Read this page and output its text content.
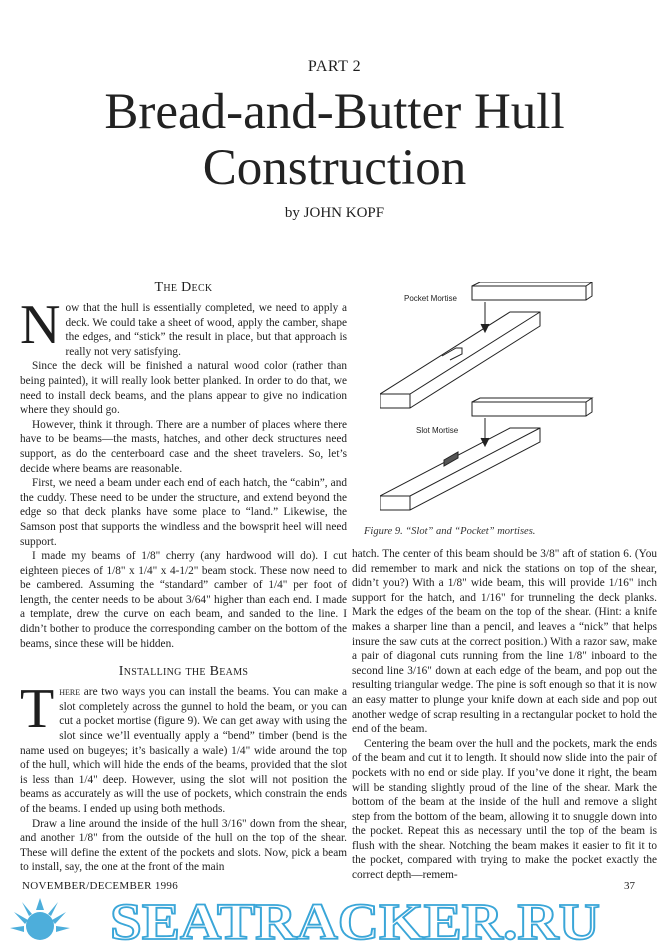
PART 2
Bread-and-Butter Hull
Construction
by JOHN KOPF
The Deck

Now that the hull is essentially completed, we need to apply a deck. We could take a sheet of wood, apply the camber, shape the edges, and “stick” the result in place, but that approach is really not very satisfying.

Since the deck will be finished a natural wood color (rather than being painted), it will really look better planked. In order to do that, we need to install deck beams, and the plans appear to give no indication where they should go.

However, think it through. There are a number of places where there have to be beams—the masts, hatches, and other deck structures need support, as do the centerboard case and the sheet travelers. So, let’s decide where beams are reasonable.

First, we need a beam under each end of each hatch, the “cabin”, and the cuddy. These need to be under the structure, and extend beyond the edge so that deck planks have some place to “land.” Likewise, the Samson post that supports the windless and the bowsprit heel will need support.

I made my beams of 1/8" cherry (any hardwood will do). I cut eighteen pieces of 1/8" x 1/4" x 4-1/2" beam stock. These now need to be cambered. Assuming the “standard” camber of 1/4" per foot of length, the center needs to be about 3/64" higher than each end. I made a template, drew the curve on each beam, and sanded to the line. I didn’t bother to produce the corresponding camber on the bottom of the beams, since these will be hidden.

Installing the Beams

There are two ways you can install the beams. You can make a slot completely across the gunnel to hold the beam, or you can cut a pocket mortise (figure 9). We can get away with using the slot since we’ll eventually apply a “bend” timber (bend is the name used on bugeyes; it’s basically a wale) 1/4" wide around the top of the hull, which will hide the ends of the beams, provided that the slot is less than 1/4" deep. However, using the slot will not position the beams as accurately as will the use of pockets, which constrain the ends of the beams. I ended up using both methods.

Draw a line around the inside of the hull 3/16" down from the shear, and another 1/8" from the outside of the hull on the top of the shear. These will define the extent of the pockets and slots. Now, pick a beam to install, say, the one at the front of the main

hatch. The center of this beam should be 3/8" aft of station 6. (You did remember to mark and nick the stations on top of the shear, didn’t you?) With a 1/8" wide beam, this will provide 1/16" inch support for the hatch, and 1/16" for trunneling the deck planks. Mark the edges of the beam on the top of the shear. (Hint: a knife makes a sharper line than a pencil, and leaves a “nick” that helps insure the saw cuts at the correct position.) With a razor saw, make a pair of diagonal cuts running from the line 1/8" inboard to the second line 3/16" down at each edge of the beam, and pop out the resulting triangular wedge. The pine is soft enough so that it is now an easy matter to plunge your knife down at each side and pop out another wedge of scrap resulting in a rectangular pocket to hold the end of the beam.

Centering the beam over the hull and the pockets, mark the ends of the beam and cut it to length. It should now slide into the pair of pockets with no end or side play. If you’ve done it right, the beam will be standing slightly proud of the line of the shear. Mark the bottom of the beam at the inside of the hull and remove a slight step from the bottom of the beam, allowing it to snuggle down into the pocket. Repeat this as necessary until the top of the beam is flush with the shear. Notching the beam makes it easier to fit it to the pocket, compared with trying to make the pocket exactly the correct depth—remem-

Pocket Mortise
Slot Mortise
Figure 9. “Slot” and “Pocket” mortises.
NOVEMBER/DECEMBER 1996	37
SEATRACKER.RU
